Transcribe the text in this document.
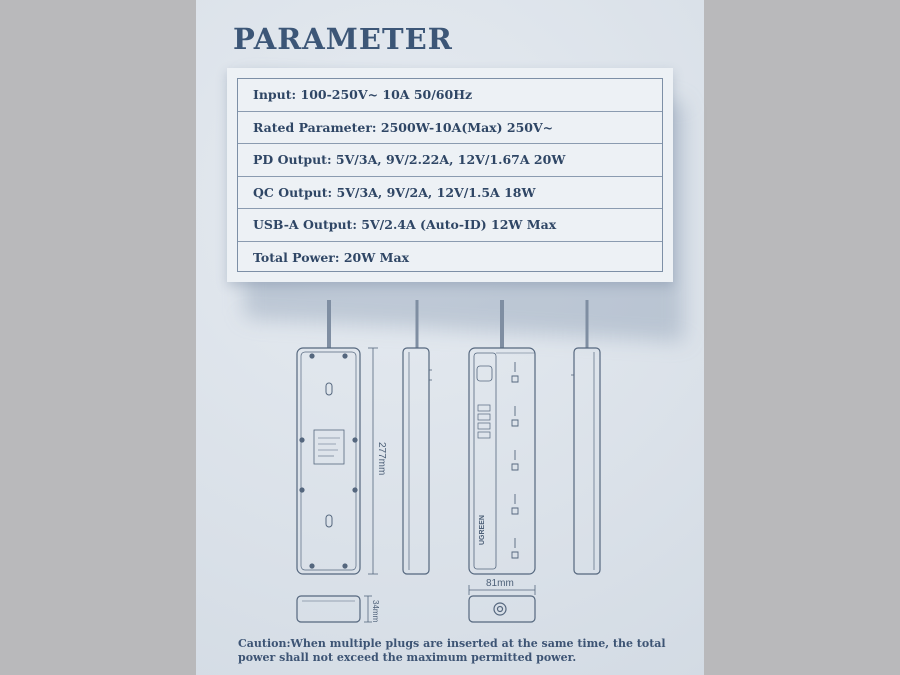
PARAMETER
Input: 100-250V~ 10A 50/60Hz
Rated Parameter: 2500W-10A(Max) 250V~
PD Output: 5V/3A, 9V/2.22A, 12V/1.67A 20W
QC Output: 5V/3A, 9V/2A, 12V/1.5A 18W
USB-A Output: 5V/2.4A (Auto-ID) 12W Max
Total Power: 20W Max
277mm
81mm
34mm
UGREEN
Caution:When multiple plugs are inserted at the same time, the total power shall not exceed the maximum permitted power.
